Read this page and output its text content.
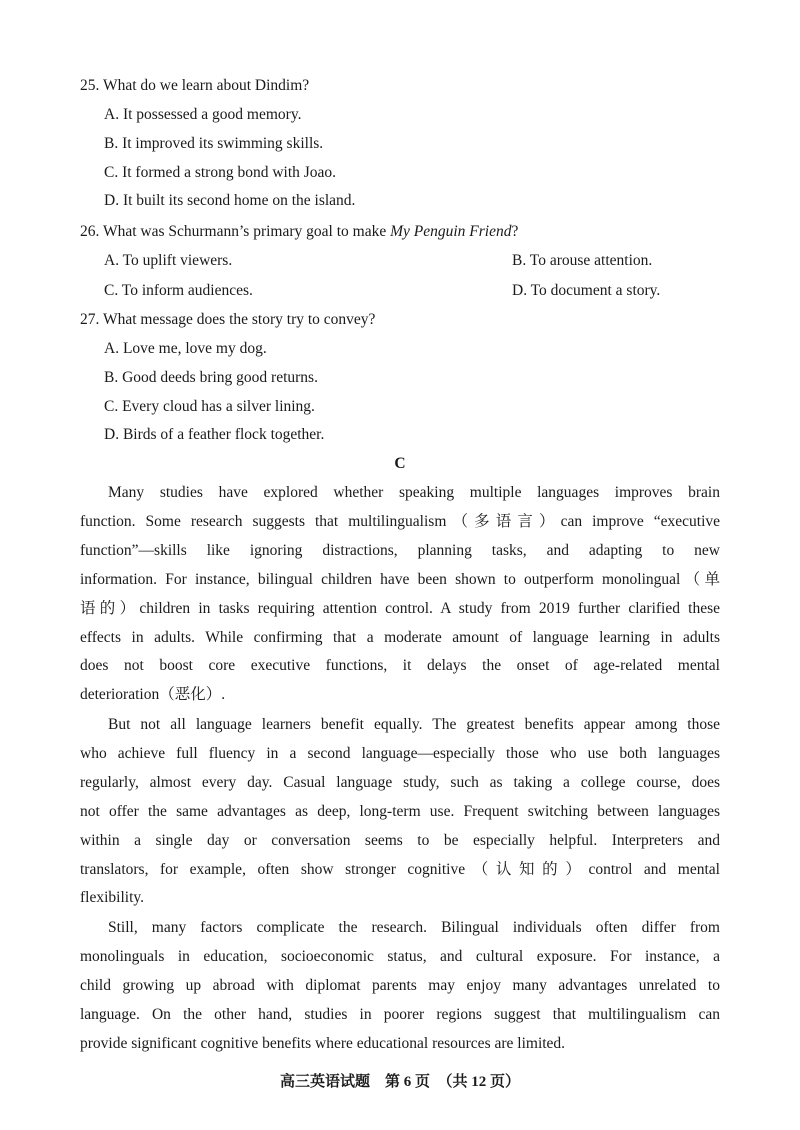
25. What do we learn about Dindim?
A. It possessed a good memory.
B. It improved its swimming skills.
C. It formed a strong bond with Joao.
D. It built its second home on the island.
26. What was Schurmann’s primary goal to make My Penguin Friend?
A. To uplift viewers.	B. To arouse attention.
C. To inform audiences.	D. To document a story.
27. What message does the story try to convey?
A. Love me, love my dog.
B. Good deeds bring good returns.
C. Every cloud has a silver lining.
D. Birds of a feather flock together.
C
Many studies have explored whether speaking multiple languages improves brain
function. Some research suggests that multilingualism（多语言）can improve “executive
function”—skills like ignoring distractions, planning tasks, and adapting to new
information. For instance, bilingual children have been shown to outperform monolingual（单
语的）children in tasks requiring attention control. A study from 2019 further clarified these
effects in adults. While confirming that a moderate amount of language learning in adults
does not boost core executive functions, it delays the onset of age-related mental
deterioration（恶化）.
But not all language learners benefit equally. The greatest benefits appear among those
who achieve full fluency in a second language—especially those who use both languages
regularly, almost every day. Casual language study, such as taking a college course, does
not offer the same advantages as deep, long-term use. Frequent switching between languages
within a single day or conversation seems to be especially helpful. Interpreters and
translators, for example, often show stronger cognitive（认知的）control and mental
flexibility.
Still, many factors complicate the research. Bilingual individuals often differ from
monolinguals in education, socioeconomic status, and cultural exposure. For instance, a
child growing up abroad with diplomat parents may enjoy many advantages unrelated to
language. On the other hand, studies in poorer regions suggest that multilingualism can
provide significant cognitive benefits where educational resources are limited.
高三英语试题　第 6 页　（共 12 页）
